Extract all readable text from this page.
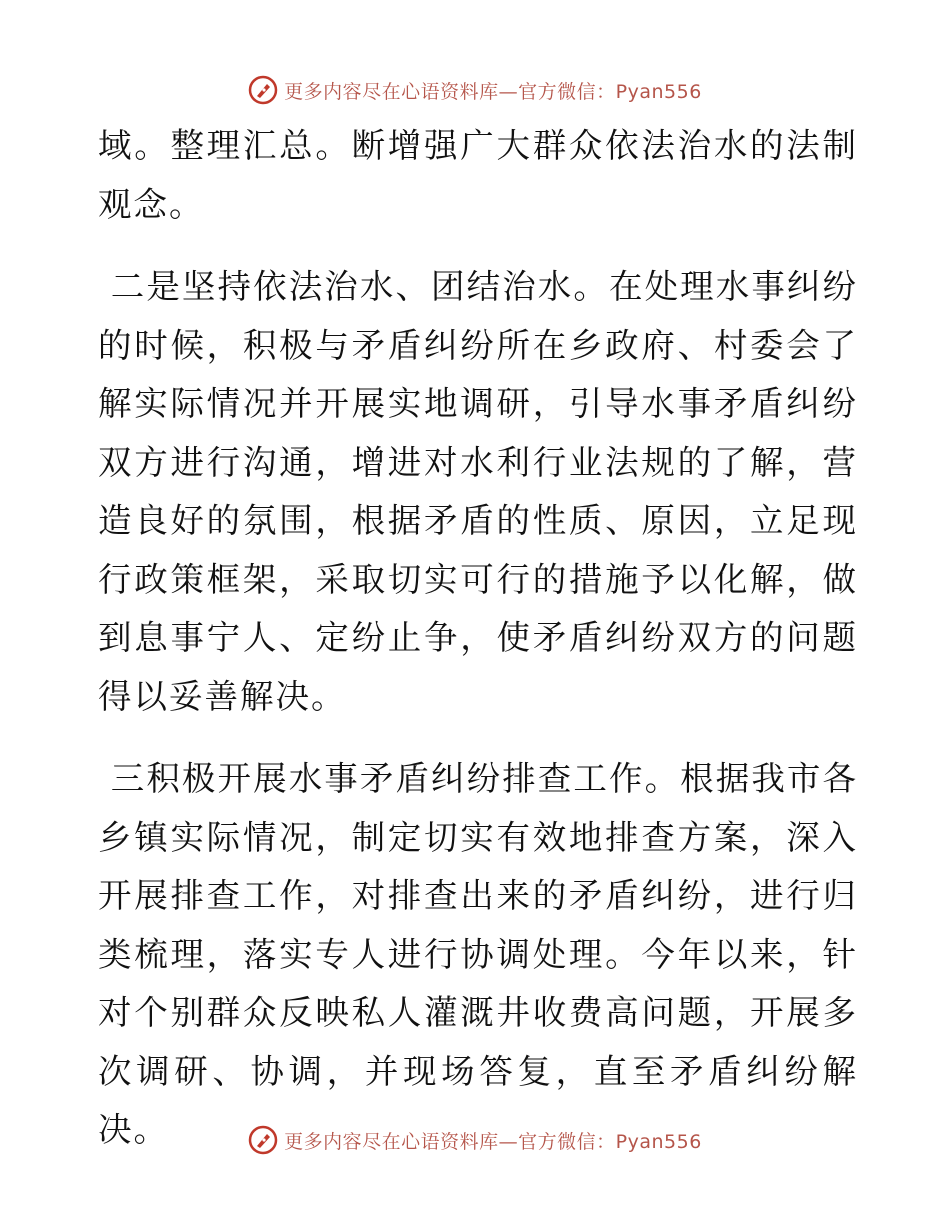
更多内容尽在心语资料库—官方微信：Pyan556

域。整理汇总。断增强广大群众依法治水的法制观念。

二是坚持依法治水、团结治水。在处理水事纠纷的时候，积极与矛盾纠纷所在乡政府、村委会了解实际情况并开展实地调研，引导水事矛盾纠纷双方进行沟通，增进对水利行业法规的了解，营造良好的氛围，根据矛盾的性质、原因，立足现行政策框架，采取切实可行的措施予以化解，做到息事宁人、定纷止争，使矛盾纠纷双方的问题得以妥善解决。

三积极开展水事矛盾纠纷排查工作。根据我市各乡镇实际情况，制定切实有效地排查方案，深入开展排查工作，对排查出来的矛盾纠纷，进行归类梳理，落实专人进行协调处理。今年以来，针对个别群众反映私人灌溉井收费高问题，开展多次调研、协调，并现场答复，直至矛盾纠纷解决。	更多内容尽在心语资料库—官方微信：Pyan556
